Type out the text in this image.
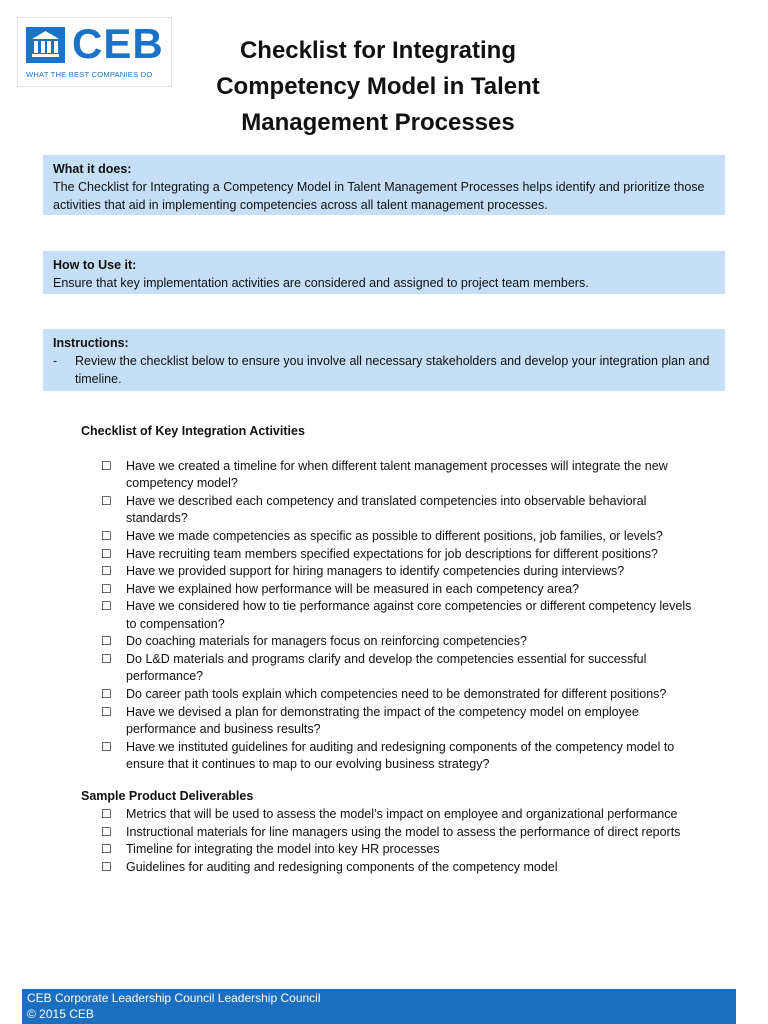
CEB
WHAT THE BEST COMPANIES DO
Checklist for Integrating
Competency Model in Talent
Management Processes
What it does:
The Checklist for Integrating a Competency Model in Talent Management Processes helps identify and prioritize those activities that aid in implementing competencies across all talent management processes.
How to Use it:
Ensure that key implementation activities are considered and assigned to project team members.
Instructions:
-	Review the checklist below to ensure you involve all necessary stakeholders and develop your integration plan and timeline.
Checklist of Key Integration Activities
☐	Have we created a timeline for when different talent management processes will integrate the new competency model?
☐	Have we described each competency and translated competencies into observable behavioral standards?
☐	Have we made competencies as specific as possible to different positions, job families, or levels?
☐	Have recruiting team members specified expectations for job descriptions for different positions?
☐	Have we provided support for hiring managers to identify competencies during interviews?
☐	Have we explained how performance will be measured in each competency area?
☐	Have we considered how to tie performance against core competencies or different competency levels to compensation?
☐	Do coaching materials for managers focus on reinforcing competencies?
☐	Do L&D materials and programs clarify and develop the competencies essential for successful performance?
☐	Do career path tools explain which competencies need to be demonstrated for different positions?
☐	Have we devised a plan for demonstrating the impact of the competency model on employee performance and business results?
☐	Have we instituted guidelines for auditing and redesigning components of the competency model to ensure that it continues to map to our evolving business strategy?
Sample Product Deliverables
☐	Metrics that will be used to assess the model’s impact on employee and organizational performance
☐	Instructional materials for line managers using the model to assess the performance of direct reports
☐	Timeline for integrating the model into key HR processes
☐	Guidelines for auditing and redesigning components of the competency model
CEB Corporate Leadership Council Leadership Council
© 2015 CEB
